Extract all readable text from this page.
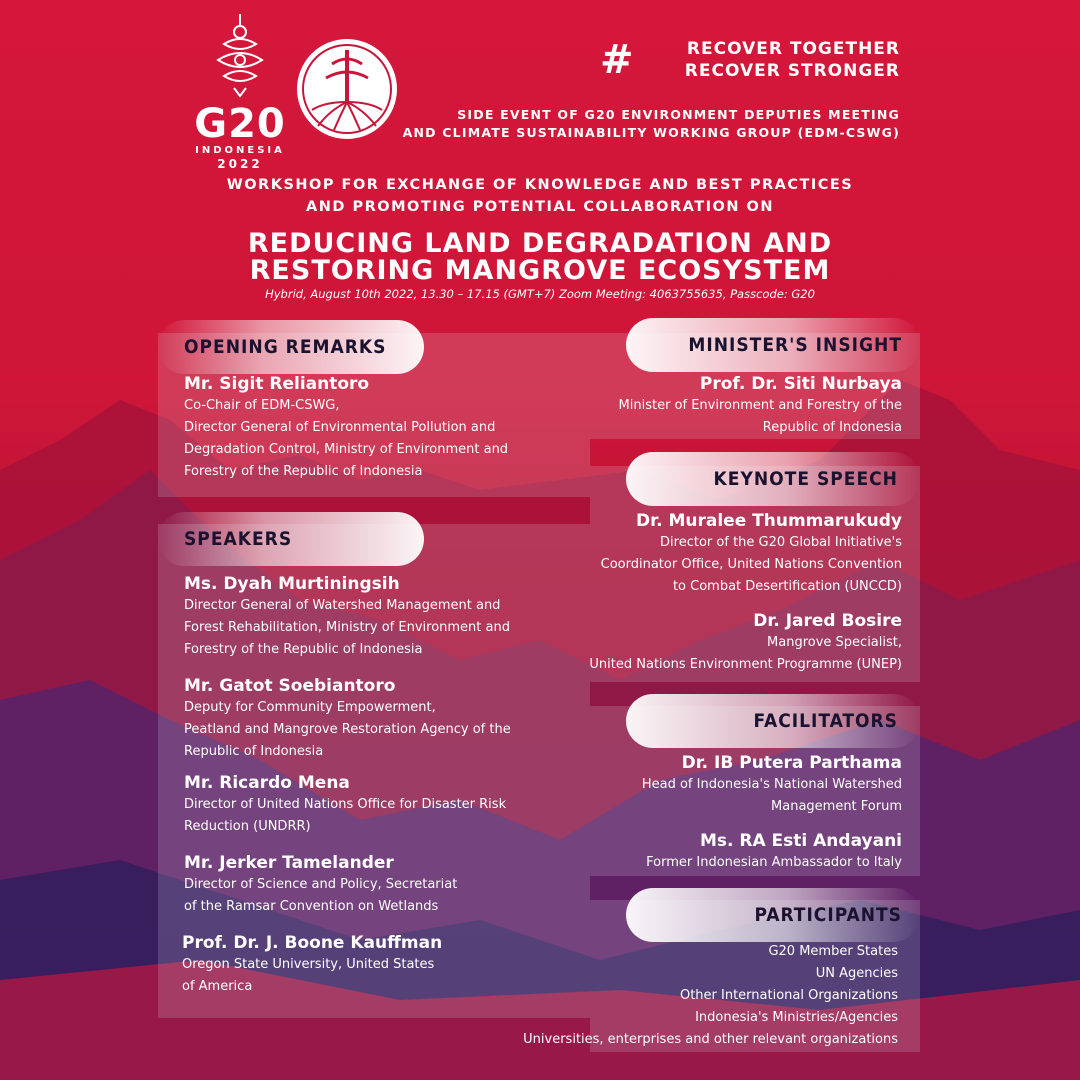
G20
INDONESIA
2022
#	RECOVER TOGETHER
RECOVER STRONGER
SIDE EVENT OF G20 ENVIRONMENT DEPUTIES MEETING
AND CLIMATE SUSTAINABILITY WORKING GROUP (EDM-CSWG)
WORKSHOP FOR EXCHANGE OF KNOWLEDGE AND BEST PRACTICES
AND PROMOTING POTENTIAL COLLABORATION ON
REDUCING LAND DEGRADATION AND
RESTORING MANGROVE ECOSYSTEM
Hybrid, August 10th 2022, 13.30 – 17.15 (GMT+7) Zoom Meeting: 4063755635, Passcode: G20
OPENING REMARKS
Mr. Sigit Reliantoro
Co-Chair of EDM-CSWG,
Director General of Environmental Pollution and
Degradation Control, Ministry of Environment and
Forestry of the Republic of Indonesia
SPEAKERS
Ms. Dyah Murtiningsih
Director General of Watershed Management and
Forest Rehabilitation, Ministry of Environment and
Forestry of the Republic of Indonesia
Mr. Gatot Soebiantoro
Deputy for Community Empowerment,
Peatland and Mangrove Restoration Agency of the
Republic of Indonesia
Mr. Ricardo Mena
Director of United Nations Office for Disaster Risk
Reduction (UNDRR)
Mr. Jerker Tamelander
Director of Science and Policy, Secretariat
of the Ramsar Convention on Wetlands
Prof. Dr. J. Boone Kauffman
Oregon State University, United States
of America
MINISTER'S INSIGHT
Prof. Dr. Siti Nurbaya
Minister of Environment and Forestry of the
Republic of Indonesia
KEYNOTE SPEECH
Dr. Muralee Thummarukudy
Director of the G20 Global Initiative's
Coordinator Office, United Nations Convention
to Combat Desertification (UNCCD)
Dr. Jared Bosire
Mangrove Specialist,
United Nations Environment Programme (UNEP)
FACILITATORS
Dr. IB Putera Parthama
Head of Indonesia's National Watershed
Management Forum
Ms. RA Esti Andayani
Former Indonesian Ambassador to Italy
PARTICIPANTS
G20 Member States
UN Agencies
Other International Organizations
Indonesia's Ministries/Agencies
Universities, enterprises and other relevant organizations
